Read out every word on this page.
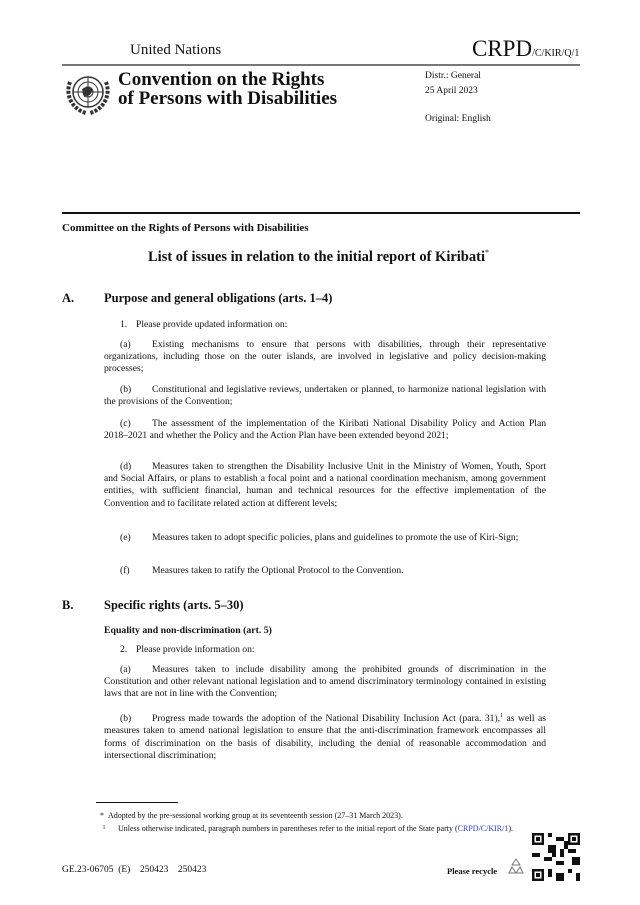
United Nations	CRPD/C/KIR/Q/1
Convention on the Rights
of Persons with Disabilities
Distr.: General
25 April 2023
Original: English
Committee on the Rights of Persons with Disabilities
List of issues in relation to the initial report of Kiribati*
A. Purpose and general obligations (arts. 1–4)
1. Please provide updated information on:
(a) Existing mechanisms to ensure that persons with disabilities, through their representative organizations, including those on the outer islands, are involved in legislative and policy decision-making processes;
(b) Constitutional and legislative reviews, undertaken or planned, to harmonize national legislation with the provisions of the Convention;
(c) The assessment of the implementation of the Kiribati National Disability Policy and Action Plan 2018–2021 and whether the Policy and the Action Plan have been extended beyond 2021;
(d) Measures taken to strengthen the Disability Inclusive Unit in the Ministry of Women, Youth, Sport and Social Affairs, or plans to establish a focal point and a national coordination mechanism, among government entities, with sufficient financial, human and technical resources for the effective implementation of the Convention and to facilitate related action at different levels;
(e) Measures taken to adopt specific policies, plans and guidelines to promote the use of Kiri-Sign;
(f) Measures taken to ratify the Optional Protocol to the Convention.
B. Specific rights (arts. 5–30)
Equality and non-discrimination (art. 5)
2. Please provide information on:
(a) Measures taken to include disability among the prohibited grounds of discrimination in the Constitution and other relevant national legislation and to amend discriminatory terminology contained in existing laws that are not in line with the Convention;
(b) Progress made towards the adoption of the National Disability Inclusion Act (para. 31),$^1$ as well as measures taken to amend national legislation to ensure that the anti-discrimination framework encompasses all forms of discrimination on the basis of disability, including the denial of reasonable accommodation and intersectional discrimination;
* Adopted by the pre-sessional working group at its seventeenth session (27–31 March 2023).
1 Unless otherwise indicated, paragraph numbers in parentheses refer to the initial report of the State party (CRPD/C/KIR/1).
GE.23-06705  (E)    250423    250423	Please recycle
